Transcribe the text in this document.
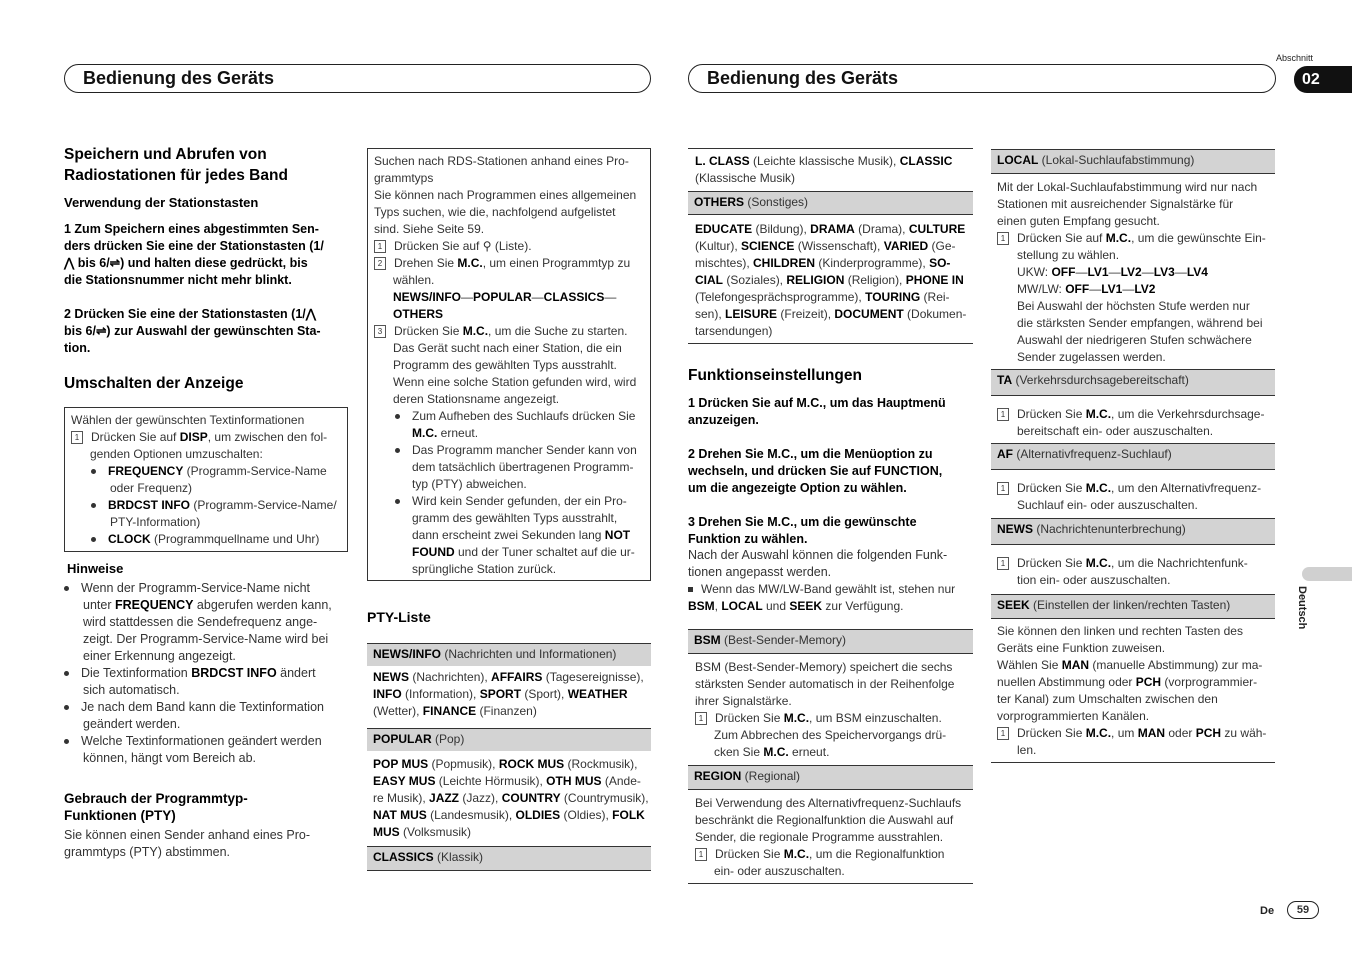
Bedienung des Geräts	Bedienung des Geräts
Abschnitt
02
Speichern und Abrufen von
Radiostationen für jedes Band
Verwendung der Stationstasten
1 Zum Speichern eines abgestimmten Sen-
ders drücken Sie eine der Stationstasten (1/
⋀ bis 6/⇌) und halten diese gedrückt, bis
die Stationsnummer nicht mehr blinkt.
2 Drücken Sie eine der Stationstasten (1/⋀
bis 6/⇌) zur Auswahl der gewünschten Sta-
tion.
Umschalten der Anzeige
Wählen der gewünschten Textinformationen
1 Drücken Sie auf DISP, um zwischen den fol-
genden Optionen umzuschalten:
FREQUENCY (Programm-Service-Name
oder Frequenz)
BRDCST INFO (Programm-Service-Name/
PTY-Information)
CLOCK (Programmquellname und Uhr)
Hinweise
Wenn der Programm-Service-Name nicht
unter FREQUENCY abgerufen werden kann,
wird stattdessen die Sendefrequenz ange-
zeigt. Der Programm-Service-Name wird bei
einer Erkennung angezeigt.
Die Textinformation BRDCST INFO ändert
sich automatisch.
Je nach dem Band kann die Textinformation
geändert werden.
Welche Textinformationen geändert werden
können, hängt vom Bereich ab.
Gebrauch der Programmtyp-
Funktionen (PTY)
Sie können einen Sender anhand eines Pro-
grammtyps (PTY) abstimmen.
Suchen nach RDS-Stationen anhand eines Pro-
grammtyps
Sie können nach Programmen eines allgemeinen
Typs suchen, wie die, nachfolgend aufgelistet
sind. Siehe Seite 59.
1 Drücken Sie auf ⚲ (Liste).
2 Drehen Sie M.C., um einen Programmtyp zu
wählen.
NEWS/INFO—POPULAR—CLASSICS—
OTHERS
3 Drücken Sie M.C., um die Suche zu starten.
Das Gerät sucht nach einer Station, die ein
Programm des gewählten Typs ausstrahlt.
Wenn eine solche Station gefunden wird, wird
deren Stationsname angezeigt.
Zum Aufheben des Suchlaufs drücken Sie
M.C. erneut.
Das Programm mancher Sender kann von
dem tatsächlich übertragenen Programm-
typ (PTY) abweichen.
Wird kein Sender gefunden, der ein Pro-
gramm des gewählten Typs ausstrahlt,
dann erscheint zwei Sekunden lang NOT
FOUND und der Tuner schaltet auf die ur-
sprüngliche Station zurück.
PTY-Liste
NEWS/INFO (Nachrichten und Informationen)
NEWS (Nachrichten), AFFAIRS (Tagesereignisse),
INFO (Information), SPORT (Sport), WEATHER
(Wetter), FINANCE (Finanzen)
POPULAR (Pop)
POP MUS (Popmusik), ROCK MUS (Rockmusik),
EASY MUS (Leichte Hörmusik), OTH MUS (Ande-
re Musik), JAZZ (Jazz), COUNTRY (Countrymusik),
NAT MUS (Landesmusik), OLDIES (Oldies), FOLK
MUS (Volksmusik)
CLASSICS (Klassik)
L. CLASS (Leichte klassische Musik), CLASSIC
(Klassische Musik)
OTHERS (Sonstiges)
EDUCATE (Bildung), DRAMA (Drama), CULTURE
(Kultur), SCIENCE (Wissenschaft), VARIED (Ge-
mischtes), CHILDREN (Kinderprogramme), SO-
CIAL (Soziales), RELIGION (Religion), PHONE IN
(Telefongesprächsprogramme), TOURING (Rei-
sen), LEISURE (Freizeit), DOCUMENT (Dokumen-
tarsendungen)
Funktionseinstellungen
1 Drücken Sie auf M.C., um das Hauptmenü
anzuzeigen.
2 Drehen Sie M.C., um die Menüoption zu
wechseln, und drücken Sie auf FUNCTION,
um die angezeigte Option zu wählen.
3 Drehen Sie M.C., um die gewünschte
Funktion zu wählen.
Nach der Auswahl können die folgenden Funk-
tionen angepasst werden.
Wenn das MW/LW-Band gewählt ist, stehen nur
BSM, LOCAL und SEEK zur Verfügung.
BSM (Best-Sender-Memory)
BSM (Best-Sender-Memory) speichert die sechs
stärksten Sender automatisch in der Reihenfolge
ihrer Signalstärke.
1 Drücken Sie M.C., um BSM einzuschalten.
Zum Abbrechen des Speichervorgangs drü-
cken Sie M.C. erneut.
REGION (Regional)
Bei Verwendung des Alternativfrequenz-Suchlaufs
beschränkt die Regionalfunktion die Auswahl auf
Sender, die regionale Programme ausstrahlen.
1 Drücken Sie M.C., um die Regionalfunktion
ein- oder auszuschalten.
LOCAL (Lokal-Suchlaufabstimmung)
Mit der Lokal-Suchlaufabstimmung wird nur nach
Stationen mit ausreichender Signalstärke für
einen guten Empfang gesucht.
1 Drücken Sie auf M.C., um die gewünschte Ein-
stellung zu wählen.
UKW: OFF—LV1—LV2—LV3—LV4
MW/LW: OFF—LV1—LV2
Bei Auswahl der höchsten Stufe werden nur
die stärksten Sender empfangen, während bei
Auswahl der niedrigeren Stufen schwächere
Sender zugelassen werden.
TA (Verkehrsdurchsagebereitschaft)
1 Drücken Sie M.C., um die Verkehrsdurchsage-
bereitschaft ein- oder auszuschalten.
AF (Alternativfrequenz-Suchlauf)
1 Drücken Sie M.C., um den Alternativfrequenz-
Suchlauf ein- oder auszuschalten.
NEWS (Nachrichtenunterbrechung)
1 Drücken Sie M.C., um die Nachrichtenfunk-
tion ein- oder auszuschalten.
SEEK (Einstellen der linken/rechten Tasten)
Sie können den linken und rechten Tasten des
Geräts eine Funktion zuweisen.
Wählen Sie MAN (manuelle Abstimmung) zur ma-
nuellen Abstimmung oder PCH (vorprogrammier-
ter Kanal) zum Umschalten zwischen den
vorprogrammierten Kanälen.
1 Drücken Sie M.C., um MAN oder PCH zu wäh-
len.
Deutsch
De	59
